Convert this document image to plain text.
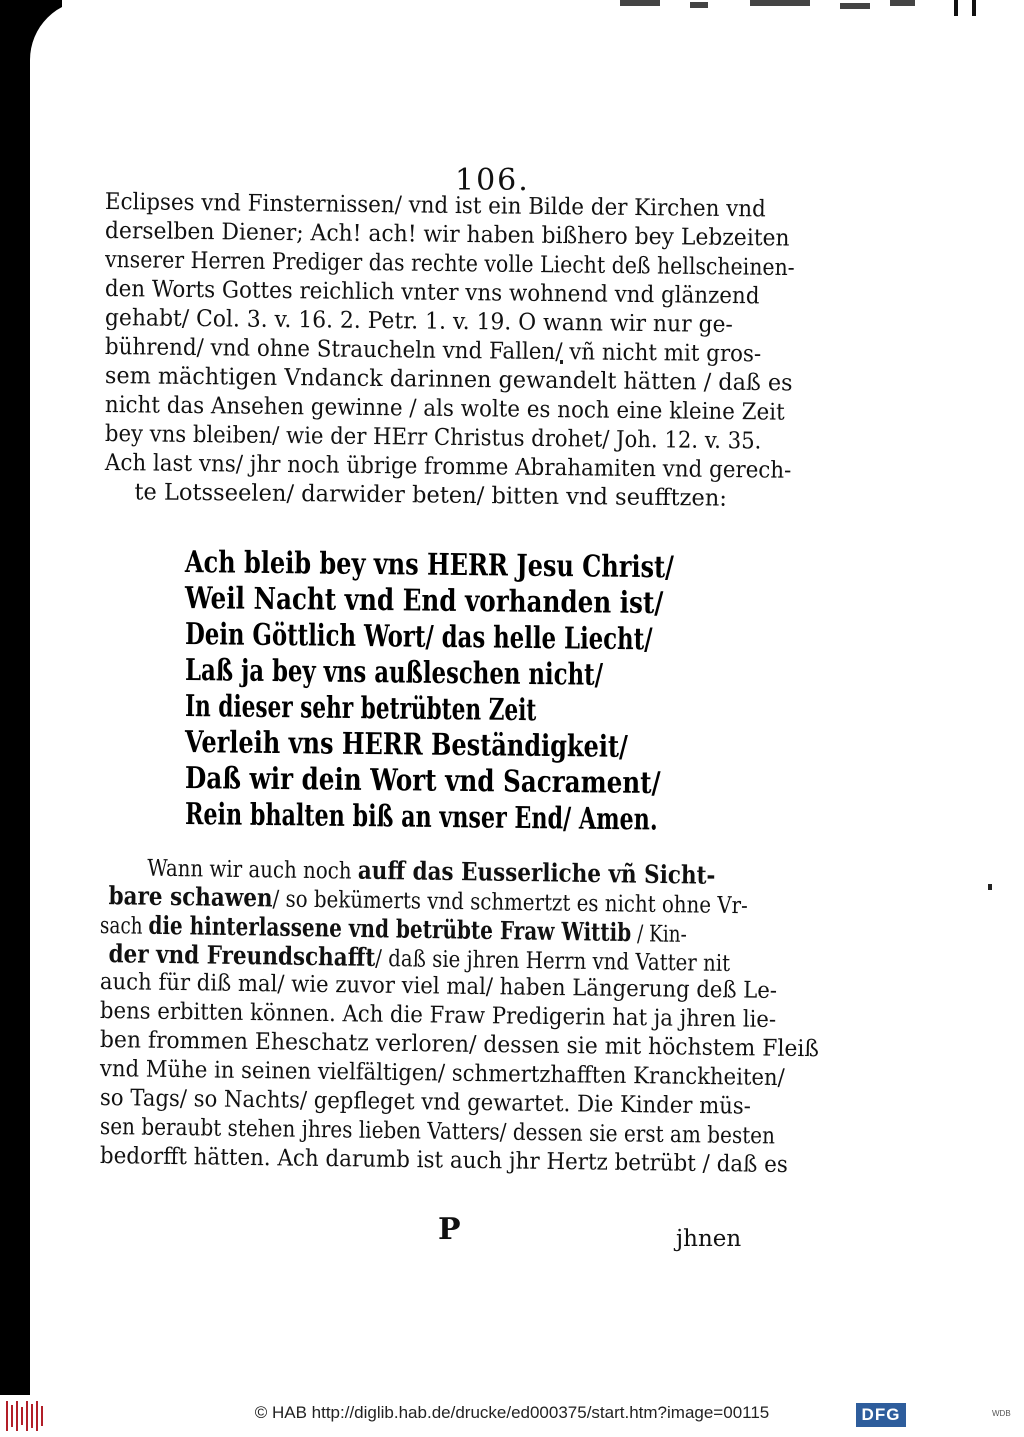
106.
Eclipses vnd Finsternissen/ vnd ist ein Bilde der Kirchen vnd
derselben Diener; Ach! ach! wir haben bißhero bey Lebzeiten
vnserer Herren Prediger das rechte volle Liecht deß hellscheinen-
den Worts Gottes reichlich vnter vns wohnend vnd glänzend
gehabt/ Col. 3. v. 16. 2. Petr. 1. v. 19. O wann wir nur ge-
bührend/ vnd ohne Straucheln vnd Fallen/ vñ nicht mit gros-
sem mächtigen Vndanck darinnen gewandelt hätten / daß es
nicht das Ansehen gewinne / als wolte es noch eine kleine Zeit
bey vns bleiben/ wie der HErr Christus drohet/ Joh. 12. v. 35.
Ach last vns/ jhr noch übrige fromme Abrahamiten vnd gerech-
te Lotsseelen/ darwider beten/ bitten vnd seufftzen:
Ach bleib bey vns HERR Jesu Christ/
Weil Nacht vnd End vorhanden ist/
Dein Göttlich Wort/ das helle Liecht/
Laß ja bey vns außleschen nicht/
In dieser sehr betrübten Zeit
Verleih vns HERR Beständigkeit/
Daß wir dein Wort vnd Sacrament/
Rein bhalten biß an vnser End/ Amen.
Wann wir auch noch auff das Eusserliche vñ Sicht-
bare schawen/ so bekümerts vnd schmertzt es nicht ohne Vr-
sach die hinterlassene vnd betrübte Fraw Wittib / Kin-
der vnd Freundschafft/ daß sie jhren Herrn vnd Vatter nit
auch für diß mal/ wie zuvor viel mal/ haben Längerung deß Le-
bens erbitten können. Ach die Fraw Predigerin hat ja jhren lie-
ben frommen Eheschatz verloren/ dessen sie mit höchstem Fleiß
vnd Mühe in seinen vielfältigen/ schmertzhafften Kranckheiten/
so Tags/ so Nachts/ gepfleget vnd gewartet. Die Kinder müs-
sen beraubt stehen jhres lieben Vatters/ dessen sie erst am besten
bedorfft hätten. Ach darumb ist auch jhr Hertz betrübt / daß es
P	jhnen
© HAB http://diglib.hab.de/drucke/ed000375/start.htm?image=00115	DFG	WDB
